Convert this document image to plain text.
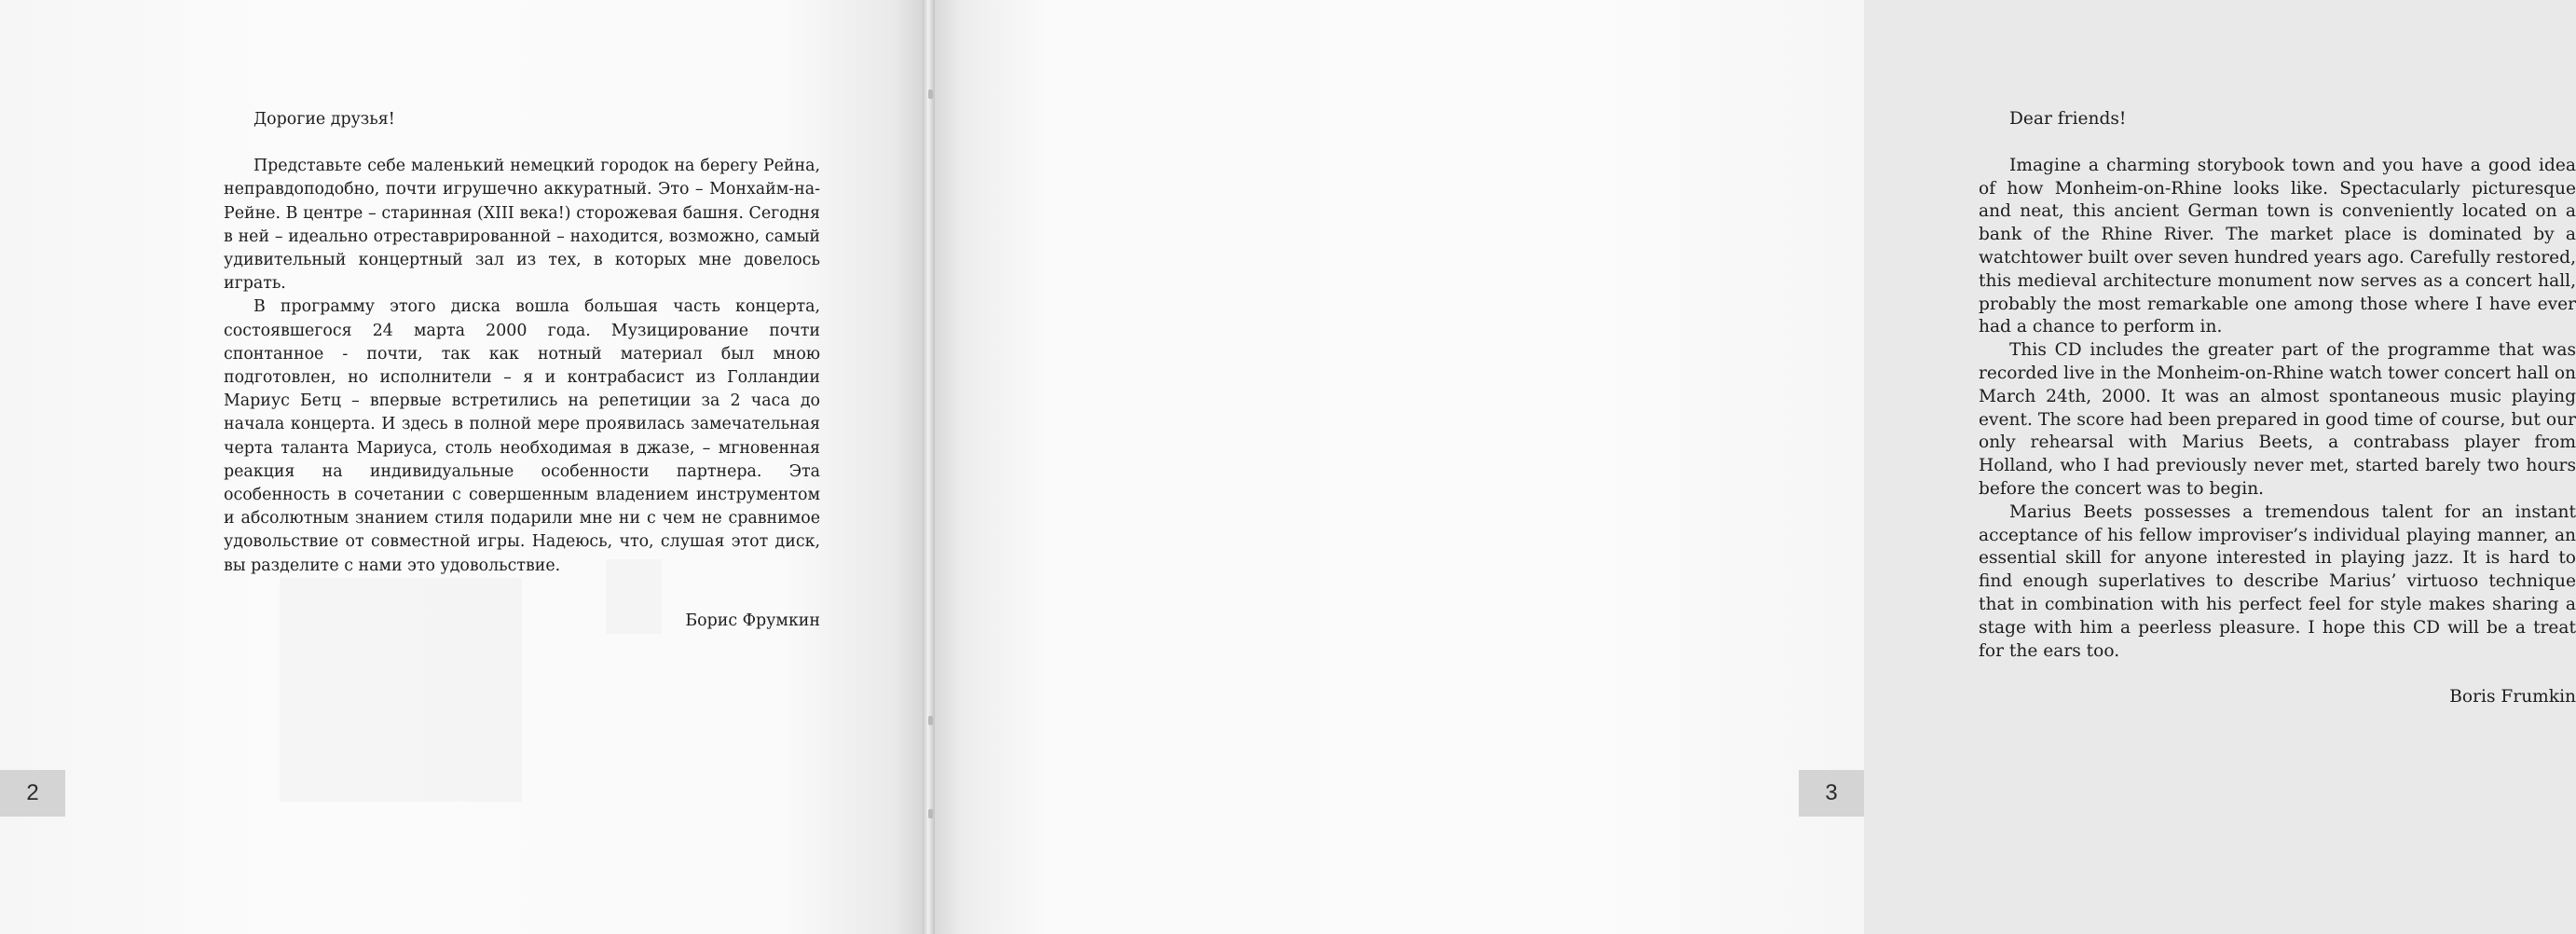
Дорогие друзья!

Представьте себе маленький немецкий городок на берегу Рейна, неправдоподобно, почти игрушечно аккуратный. Это – Монхайм-на-Рейне. В центре – старинная (XIII века!) сторожевая башня. Сегодня в ней – идеально отреставрированной – находится, возможно, самый удивительный концертный зал из тех, в которых мне довелось играть.

В программу этого диска вошла большая часть концерта, состоявшегося 24 марта 2000 года. Музицирование почти спонтанное - почти, так как нотный материал был мною подготовлен, но исполнители – я и контрабасист из Голландии Мариус Бетц – впервые встретились на репетиции за 2 часа до начала концерта. И здесь в полной мере проявилась замечательная черта таланта Мариуса, столь необходимая в джазе, – мгновенная реакция на индивидуальные особенности партнера. Эта особенность в сочетании с совершенным владением инструментом и абсолютным знанием стиля подарили мне ни с чем не сравнимое удовольствие от совместной игры. Надеюсь, что, слушая этот диск, вы разделите с нами это удовольствие.

Борис Фрумкин

2

Dear friends!

Imagine a charming storybook town and you have a good idea of how Monheim-on-Rhine looks like. Spectacularly picturesque and neat, this ancient German town is conveniently located on a bank of the Rhine River. The market place is dominated by a watchtower built over seven hundred years ago. Carefully restored, this medieval architecture monument now serves as a concert hall, probably the most remarkable one among those where I have ever had a chance to perform in.

This CD includes the greater part of the programme that was recorded live in the Monheim-on-Rhine watch tower concert hall on March 24th, 2000. It was an almost spontaneous music playing event. The score had been prepared in good time of course, but our only rehearsal with Marius Beets, a contrabass player from Holland, who I had previously never met, started barely two hours before the concert was to begin.

Marius Beets possesses a tremendous talent for an instant acceptance of his fellow improviser’s individual playing manner, an essential skill for anyone interested in playing jazz. It is hard to find enough superlatives to describe Marius’ virtuoso technique that in combination with his perfect feel for style makes sharing a stage with him a peerless pleasure. I hope this CD will be a treat for the ears too.

Boris Frumkin

3
